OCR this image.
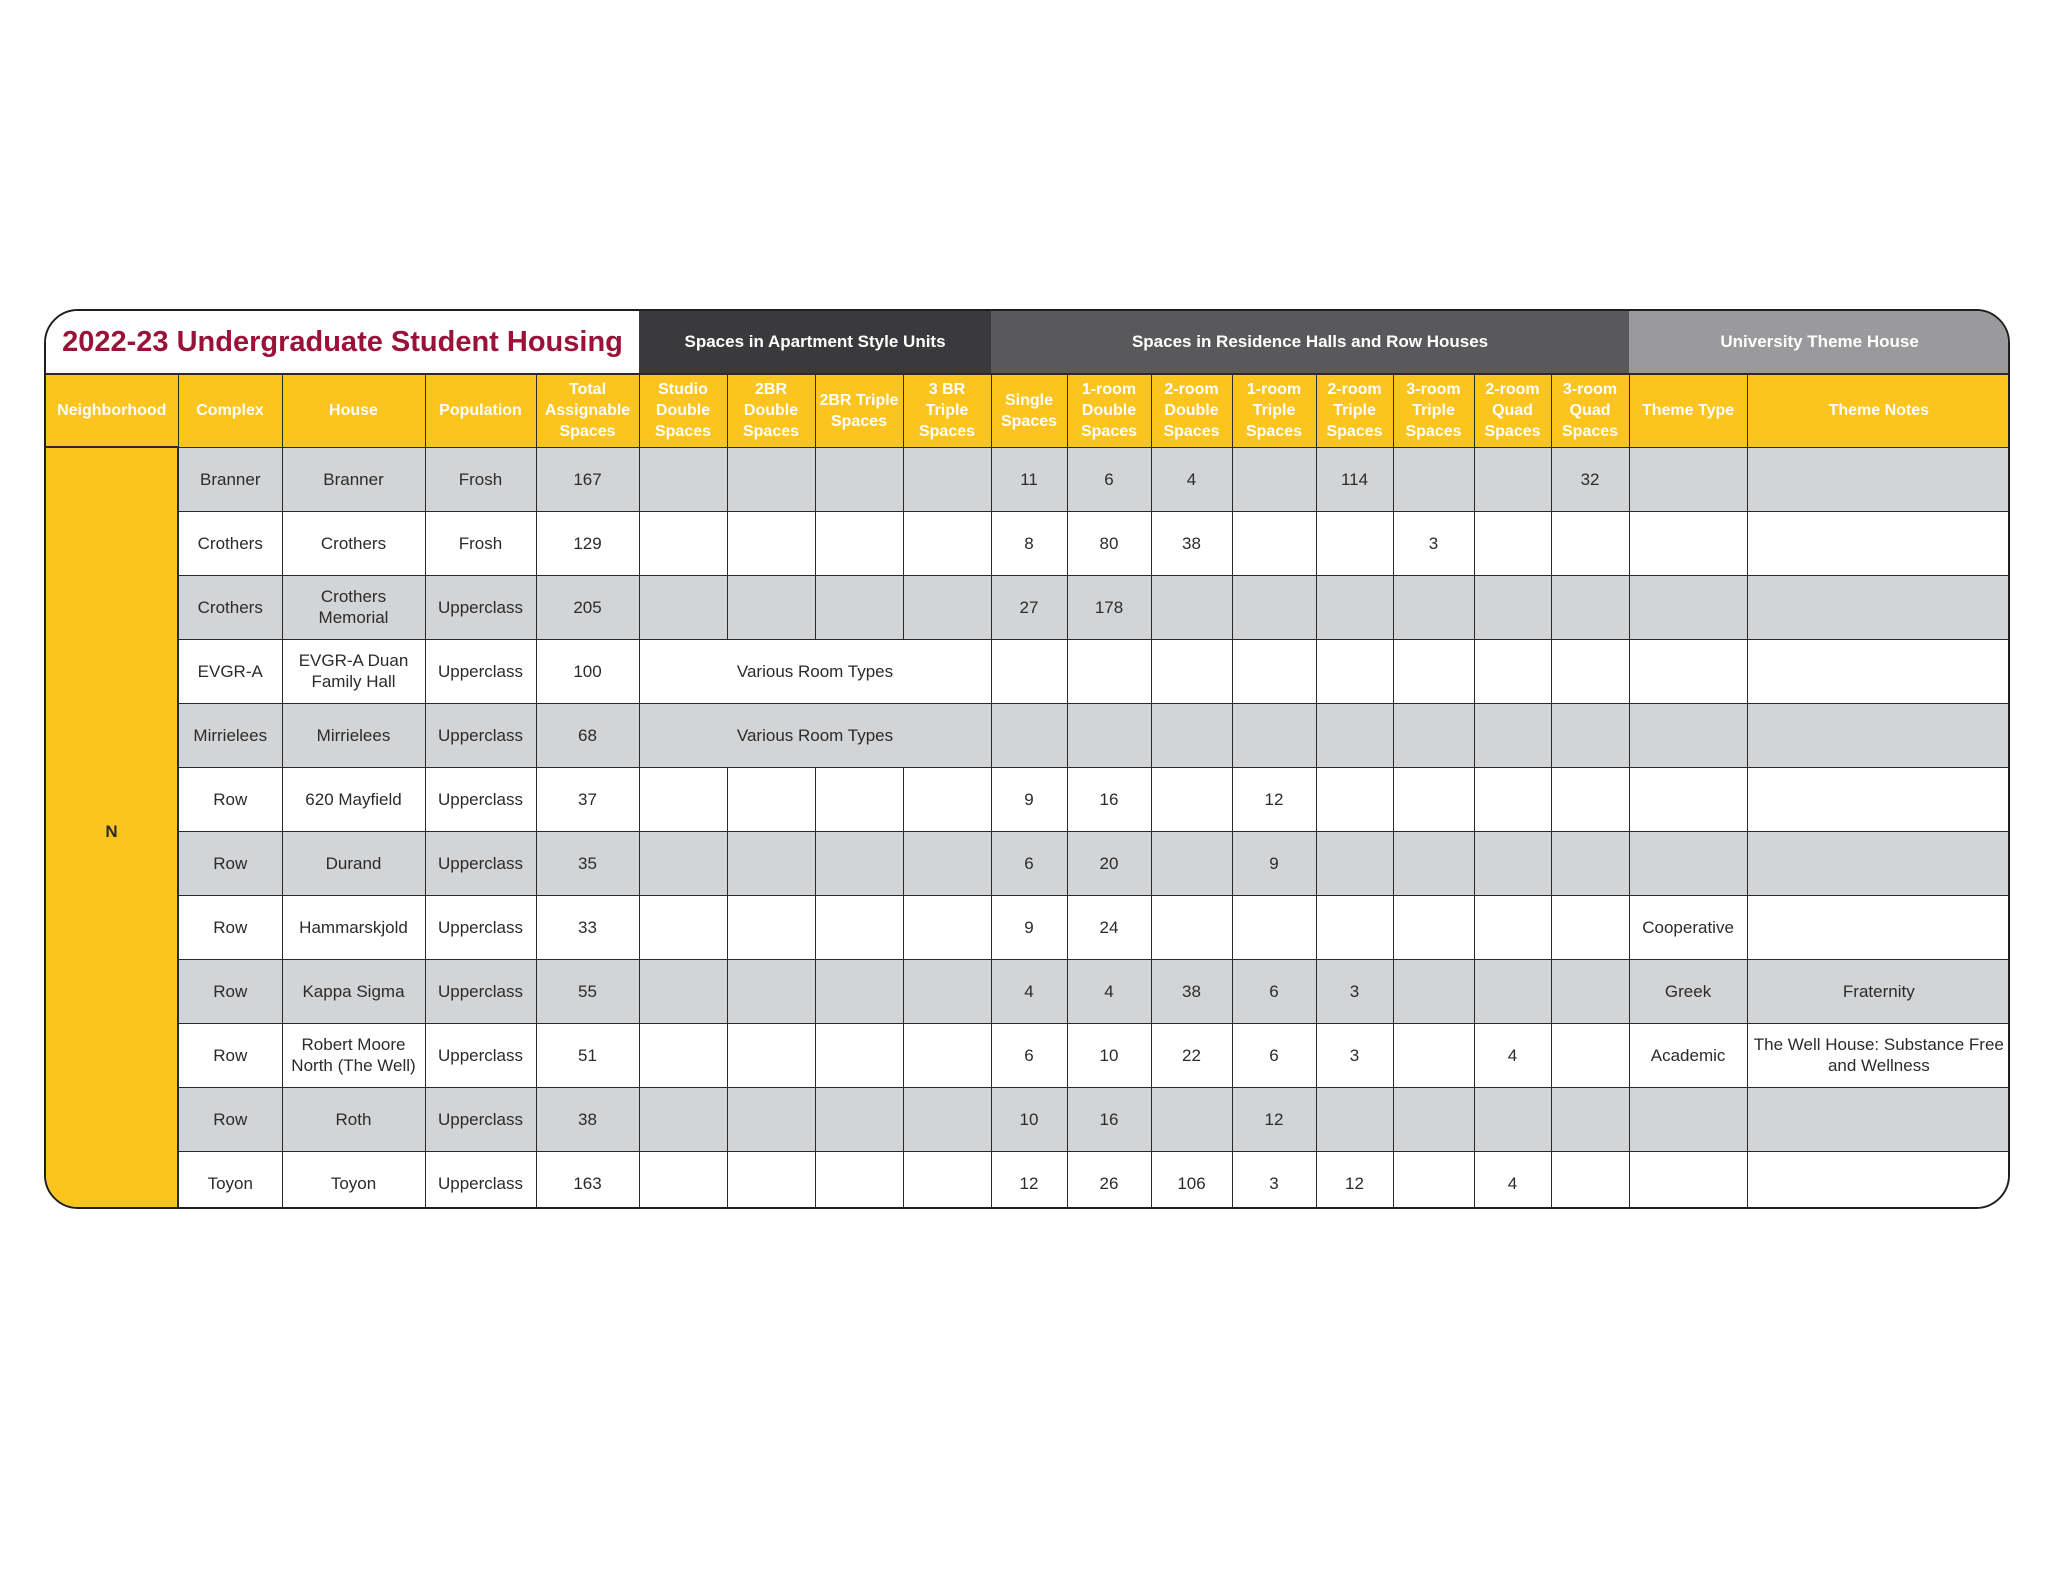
2022-23 Undergraduate Student Housing					Spaces in Apartment Style Units				Spaces in Residence Halls and Row Houses								University Theme House	
Neighborhood	Complex	House	Population	Total Assignable Spaces	Studio Double Spaces	2BR Double Spaces	2BR Triple Spaces	3 BR Triple Spaces	Single Spaces	1-room Double Spaces	2-room Double Spaces	1-room Triple Spaces	2-room Triple Spaces	3-room Triple Spaces	2-room Quad Spaces	3-room Quad Spaces	Theme Type	Theme Notes
N	Branner	Branner	Frosh	167					11	6	4		114			32		
	Crothers	Crothers	Frosh	129					8	80	38			3				
	Crothers	Crothers Memorial	Upperclass	205					27	178								
	EVGR-A	EVGR-A Duan Family Hall	Upperclass	100	Various Room Types													
	Mirrielees	Mirrielees	Upperclass	68	Various Room Types													
	Row	620 Mayfield	Upperclass	37					9	16		12						
	Row	Durand	Upperclass	35					6	20		9						
	Row	Hammarskjold	Upperclass	33					9	24							Cooperative	
	Row	Kappa Sigma	Upperclass	55					4	4	38	6	3				Greek	Fraternity
	Row	Robert Moore North (The Well)	Upperclass	51					6	10	22	6	3		4		Academic	The Well House: Substance Free and Wellness
	Row	Roth	Upperclass	38					10	16		12						
	Toyon	Toyon	Upperclass	163					12	26	106	3	12		4			
